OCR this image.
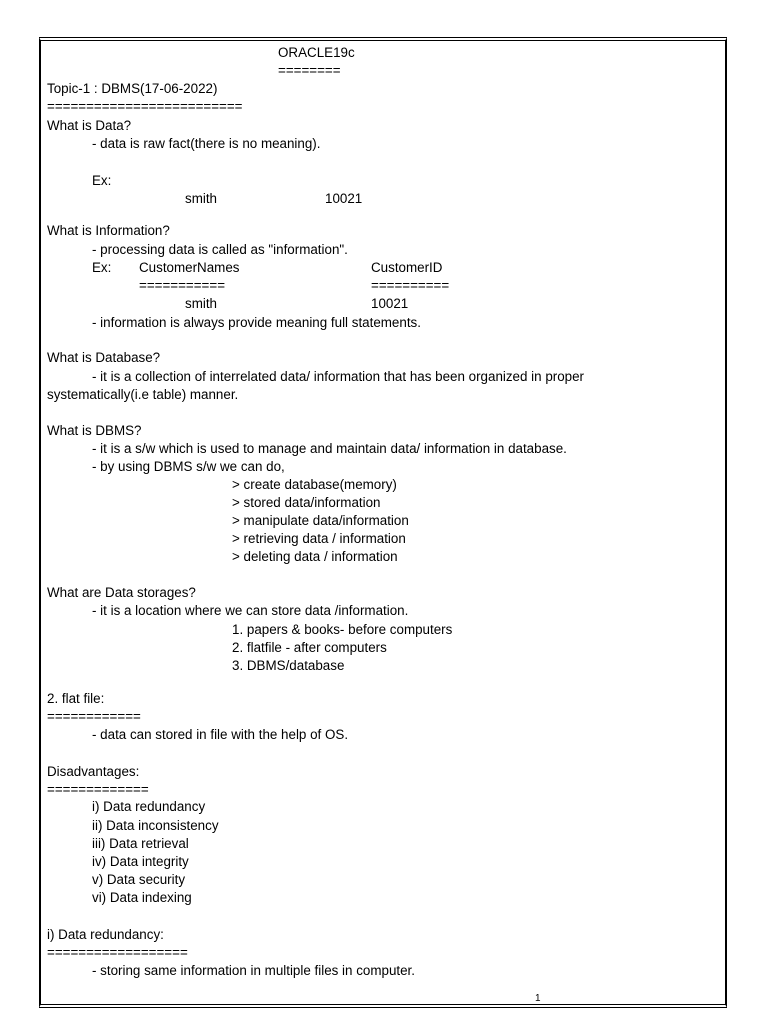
ORACLE19c
========
Topic-1 : DBMS(17-06-2022)
=========================
What is Data?
- data is raw fact(there is no meaning).
Ex:
smith	10021
What is Information?
- processing data is called as "information".
Ex: CustomerNames	CustomerID
===========	==========
smith	10021
- information is always provide meaning full statements.
What is Database?
- it is a collection of interrelated data/ information that has been organized in proper
systematically(i.e table) manner.
What is DBMS?
- it is a s/w which is used to manage and maintain data/ information in database.
- by using DBMS s/w we can do,
> create database(memory)
> stored data/information
> manipulate data/information
> retrieving data / information
> deleting data / information
What are Data storages?
- it is a location where we can store data /information.
1. papers & books- before computers
2. flatfile - after computers
3. DBMS/database
2. flat file:
============
- data can stored in file with the help of OS.
Disadvantages:
=============
i) Data redundancy
ii) Data inconsistency
iii) Data retrieval
iv) Data integrity
v) Data security
vi) Data indexing
i) Data redundancy:
==================
- storing same information in multiple files in computer.
1
